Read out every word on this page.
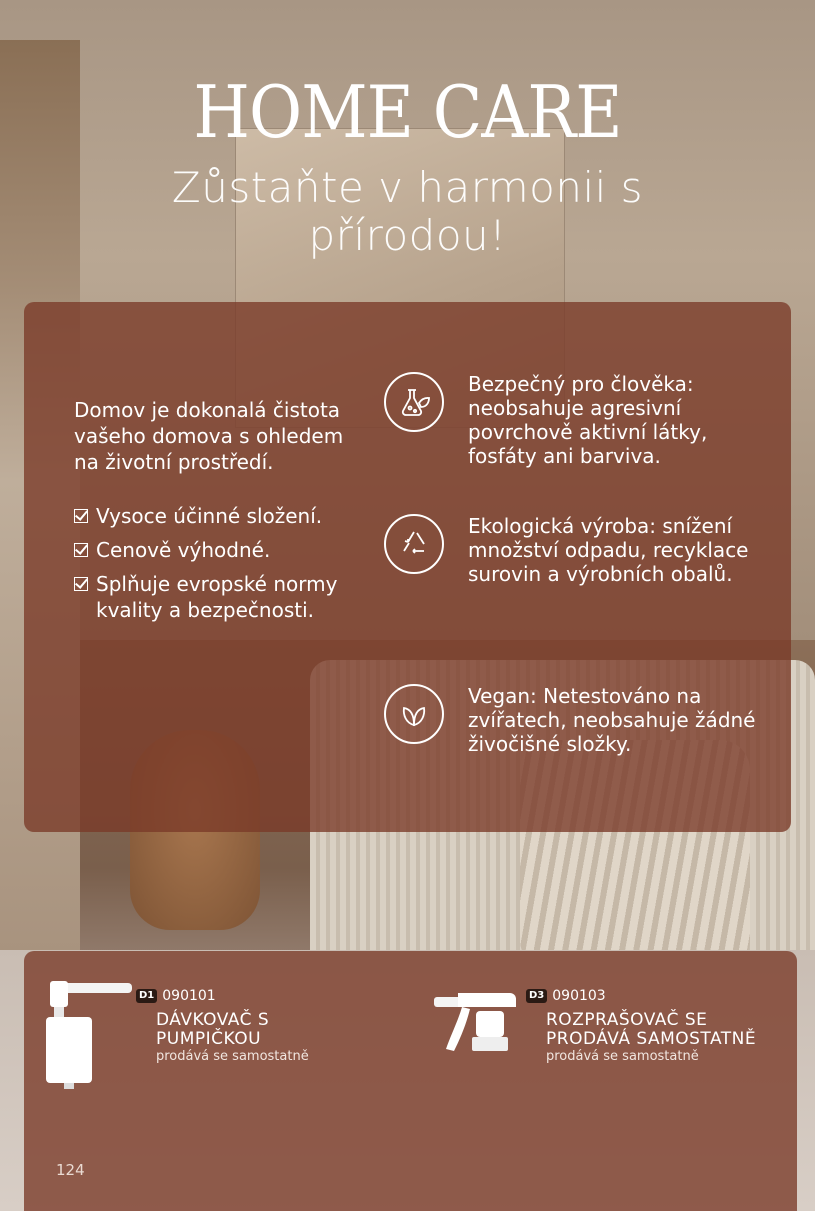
HOME CARE
Zůstaňte v harmonii s
přírodou!

Domov je dokonalá čistota vašeho domova s ohledem na životní prostředí.

Vysoce účinné složení.
Cenově výhodné.
Splňuje evropské normy kvality a bezpečnosti.
Bezpečný pro člověka: neobsahuje agresivní povrchově aktivní látky, fosfáty ani barviva.
Ekologická výroba: snížení množství odpadu, recyklace surovin a výrobních obalů.
Vegan: Netestováno na zvířatech, neobsahuje žádné živočišné složky.
D1 090101
DÁVKOVAČ S
PUMPIČKOU
prodává se samostatně
D3 090103
ROZPRAŠOVAČ SE
PRODÁVÁ SAMOSTATNĚ
prodává se samostatně
124
